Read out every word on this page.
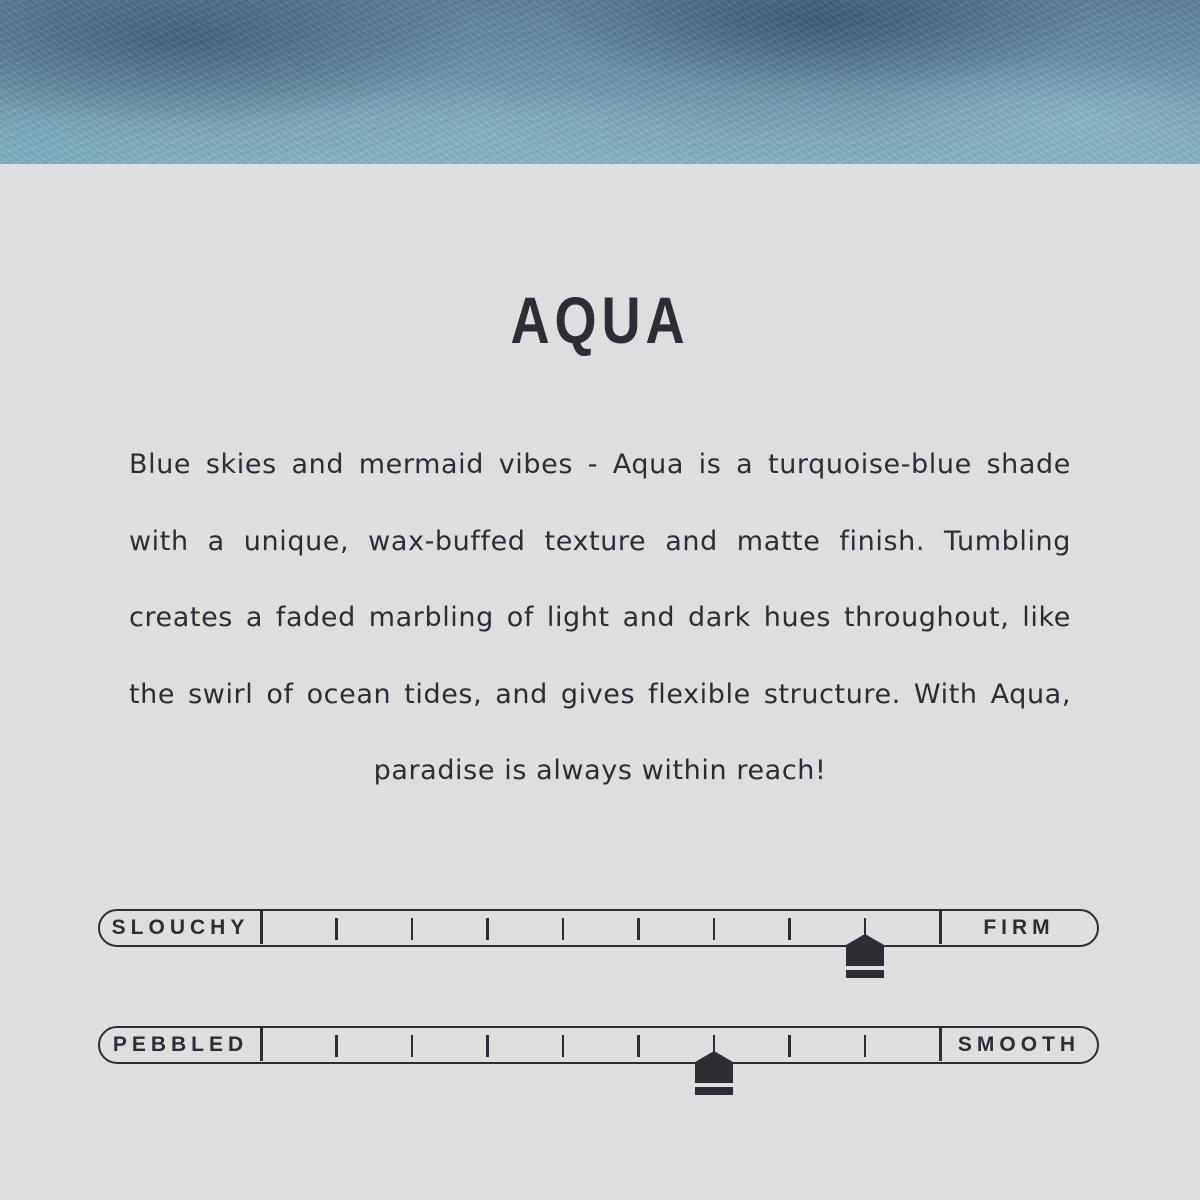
AQUA
Blue skies and mermaid vibes - Aqua is a turquoise-blue shade with a unique, wax-buffed texture and matte finish. Tumbling creates a faded marbling of light and dark hues throughout, like the swirl of ocean tides, and gives flexible structure. With Aqua, paradise is always within reach!
SLOUCHY	FIRM
PEBBLED	SMOOTH
